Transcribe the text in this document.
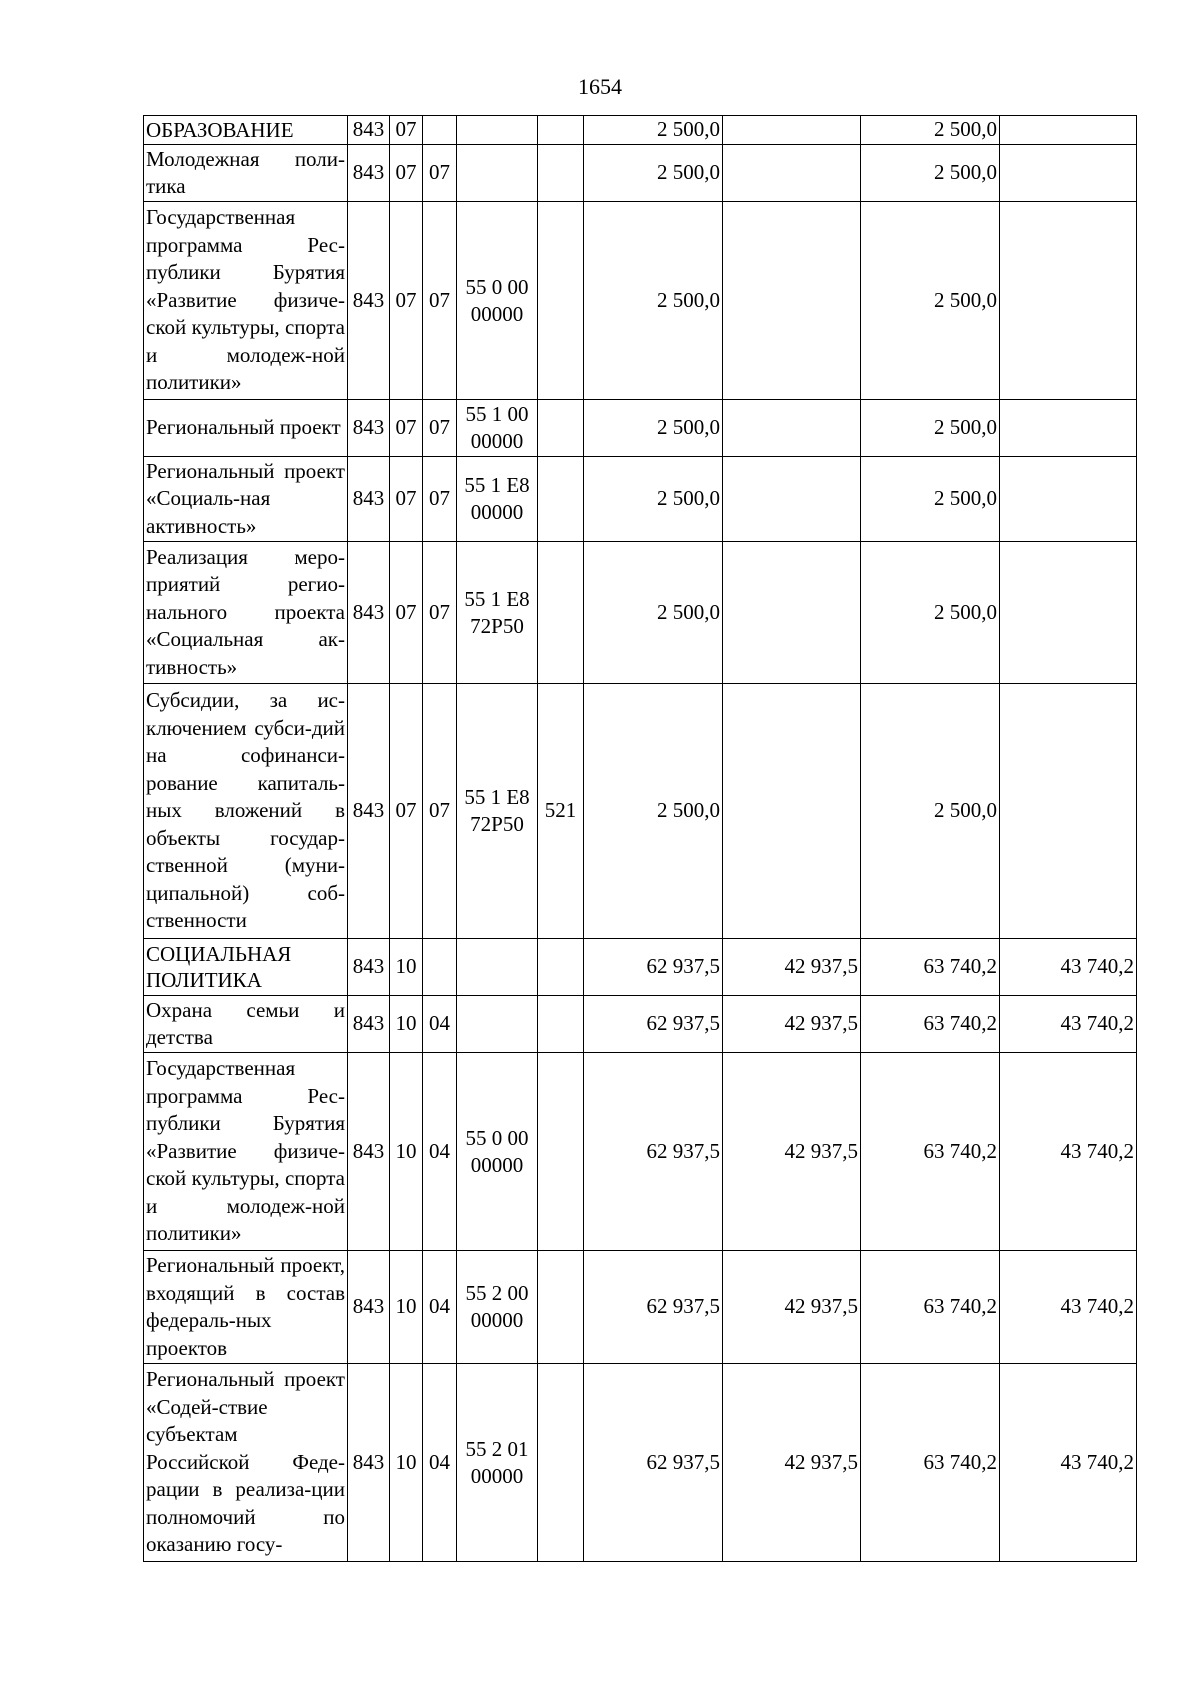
1654
ОБРАЗОВАНИЕ	843	07				2 500,0		2 500,0	
Молодежная поли-тика	843	07	07			2 500,0		2 500,0	
Государственная программа Рес-публики Бурятия «Развитие физиче-ской культуры, спорта и молодеж-ной политики»	843	07	07	55 0 00 00000		2 500,0		2 500,0	
Региональный проект	843	07	07	55 1 00 00000		2 500,0		2 500,0	
Региональный проект «Социаль-ная активность»	843	07	07	55 1 E8 00000		2 500,0		2 500,0	
Реализация меро-приятий регио-нального проекта «Социальная ак-тивность»	843	07	07	55 1 E8 72Р50		2 500,0		2 500,0	
Субсидии, за ис-ключением субси-дий на софинанси-рование капиталь-ных вложений в объекты государ-ственной (муни-ципальной) соб-ственности	843	07	07	55 1 E8 72Р50	521	2 500,0		2 500,0	
СОЦИАЛЬНАЯ ПОЛИТИКА	843	10				62 937,5	42 937,5	63 740,2	43 740,2
Охрана семьи и детства	843	10	04			62 937,5	42 937,5	63 740,2	43 740,2
Государственная программа Рес-публики Бурятия «Развитие физиче-ской культуры, спорта и молодеж-ной политики»	843	10	04	55 0 00 00000		62 937,5	42 937,5	63 740,2	43 740,2
Региональный проект, входящий в состав федераль-ных проектов	843	10	04	55 2 00 00000		62 937,5	42 937,5	63 740,2	43 740,2
Региональный проект «Содей-ствие субъектам Российской Феде-рации в реализа-ции полномочий по оказанию госу-	843	10	04	55 2 01 00000		62 937,5	42 937,5	63 740,2	43 740,2
